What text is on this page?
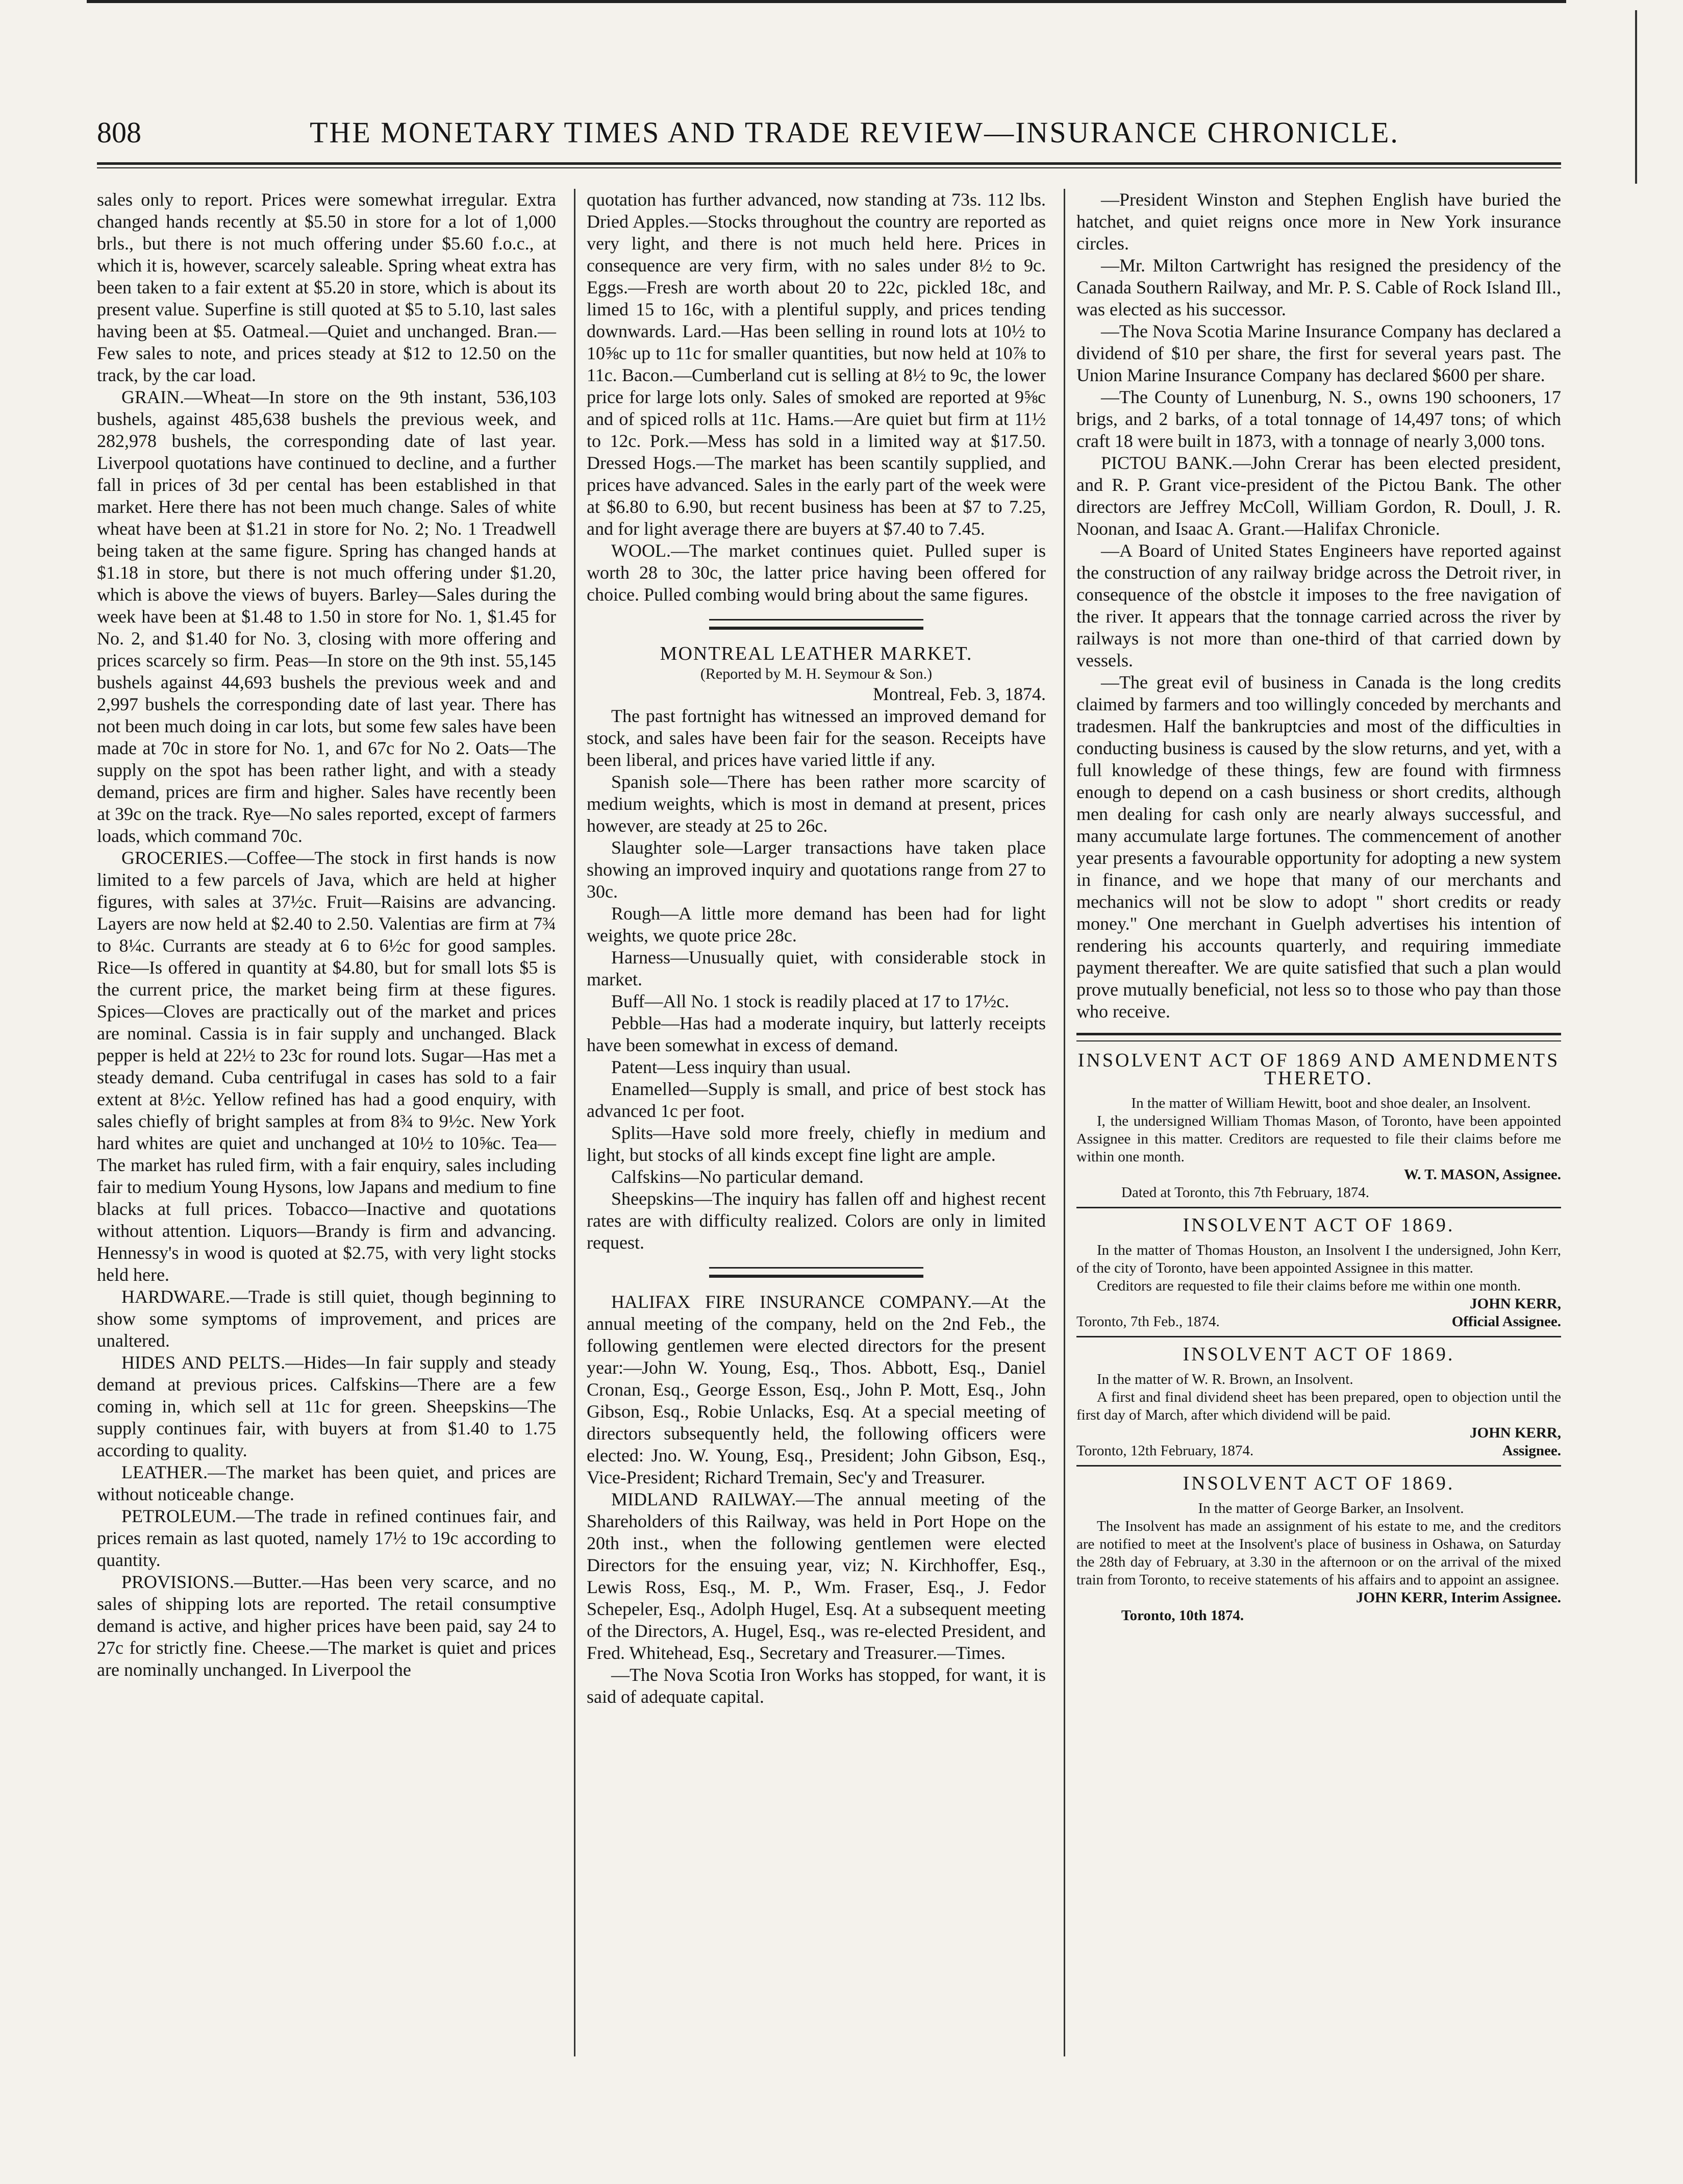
808	THE MONETARY TIMES AND TRADE REVIEW—INSURANCE CHRONICLE.

sales only to report. Prices were somewhat irregular. Extra changed hands recently at $5.50 in store for a lot of 1,000 brls., but there is not much offering under $5.60 f.o.c., at which it is, however, scarcely saleable. Spring wheat extra has been taken to a fair extent at $5.20 in store, which is about its present value. Superfine is still quoted at $5 to 5.10, last sales having been at $5. Oatmeal.—Quiet and unchanged. Bran.—Few sales to note, and prices steady at $12 to 12.50 on the track, by the car load.

GRAIN.—Wheat—In store on the 9th instant, 536,103 bushels, against 485,638 bushels the previous week, and 282,978 bushels, the corresponding date of last year. Liverpool quotations have continued to decline, and a further fall in prices of 3d per cental has been established in that market. Here there has not been much change. Sales of white wheat have been at $1.21 in store for No. 2; No. 1 Treadwell being taken at the same figure. Spring has changed hands at $1.18 in store, but there is not much offering under $1.20, which is above the views of buyers. Barley—Sales during the week have been at $1.48 to 1.50 in store for No. 1, $1.45 for No. 2, and $1.40 for No. 3, closing with more offering and prices scarcely so firm. Peas—In store on the 9th inst. 55,145 bushels against 44,693 bushels the previous week and and 2,997 bushels the corresponding date of last year. There has not been much doing in car lots, but some few sales have been made at 70c in store for No. 1, and 67c for No 2. Oats—The supply on the spot has been rather light, and with a steady demand, prices are firm and higher. Sales have recently been at 39c on the track. Rye—No sales reported, except of farmers loads, which command 70c.

GROCERIES.—Coffee—The stock in first hands is now limited to a few parcels of Java, which are held at higher figures, with sales at 37½c. Fruit—Raisins are advancing. Layers are now held at $2.40 to 2.50. Valentias are firm at 7¾ to 8¼c. Currants are steady at 6 to 6½c for good samples. Rice—Is offered in quantity at $4.80, but for small lots $5 is the current price, the market being firm at these figures. Spices—Cloves are practically out of the market and prices are nominal. Cassia is in fair supply and unchanged. Black pepper is held at 22½ to 23c for round lots. Sugar—Has met a steady demand. Cuba centrifugal in cases has sold to a fair extent at 8½c. Yellow refined has had a good enquiry, with sales chiefly of bright samples at from 8¾ to 9½c. New York hard whites are quiet and unchanged at 10½ to 10⅝c. Tea—The market has ruled firm, with a fair enquiry, sales including fair to medium Young Hysons, low Japans and medium to fine blacks at full prices. Tobacco—Inactive and quotations without attention. Liquors—Brandy is firm and advancing. Hennessy's in wood is quoted at $2.75, with very light stocks held here.

HARDWARE.—Trade is still quiet, though beginning to show some symptoms of improvement, and prices are unaltered.

HIDES AND PELTS.—Hides—In fair supply and steady demand at previous prices. Calfskins—There are a few coming in, which sell at 11c for green. Sheepskins—The supply continues fair, with buyers at from $1.40 to 1.75 according to quality.

LEATHER.—The market has been quiet, and prices are without noticeable change.

PETROLEUM.—The trade in refined continues fair, and prices remain as last quoted, namely 17½ to 19c according to quantity.

PROVISIONS.—Butter.—Has been very scarce, and no sales of shipping lots are reported. The retail consumptive demand is active, and higher prices have been paid, say 24 to 27c for strictly fine. Cheese.—The market is quiet and prices are nominally unchanged. In Liverpool the

quotation has further advanced, now standing at 73s. 112 lbs. Dried Apples.—Stocks throughout the country are reported as very light, and there is not much held here. Prices in consequence are very firm, with no sales under 8½ to 9c. Eggs.—Fresh are worth about 20 to 22c, pickled 18c, and limed 15 to 16c, with a plentiful supply, and prices tending downwards. Lard.—Has been selling in round lots at 10½ to 10⅝c up to 11c for smaller quantities, but now held at 10⅞ to 11c. Bacon.—Cumberland cut is selling at 8½ to 9c, the lower price for large lots only. Sales of smoked are reported at 9⅝c and of spiced rolls at 11c. Hams.—Are quiet but firm at 11½ to 12c. Pork.—Mess has sold in a limited way at $17.50. Dressed Hogs.—The market has been scantily supplied, and prices have advanced. Sales in the early part of the week were at $6.80 to 6.90, but recent business has been at $7 to 7.25, and for light average there are buyers at $7.40 to 7.45.

WOOL.—The market continues quiet. Pulled super is worth 28 to 30c, the latter price having been offered for choice. Pulled combing would bring about the same figures.

MONTREAL LEATHER MARKET.

(Reported by M. H. Seymour & Son.)

Montreal, Feb. 3, 1874.

The past fortnight has witnessed an improved demand for stock, and sales have been fair for the season. Receipts have been liberal, and prices have varied little if any.

Spanish sole—There has been rather more scarcity of medium weights, which is most in demand at present, prices however, are steady at 25 to 26c.

Slaughter sole—Larger transactions have taken place showing an improved inquiry and quotations range from 27 to 30c.

Rough—A little more demand has been had for light weights, we quote price 28c.

Harness—Unusually quiet, with considerable stock in market.

Buff—All No. 1 stock is readily placed at 17 to 17½c.

Pebble—Has had a moderate inquiry, but latterly receipts have been somewhat in excess of demand.

Patent—Less inquiry than usual.

Enamelled—Supply is small, and price of best stock has advanced 1c per foot.

Splits—Have sold more freely, chiefly in medium and light, but stocks of all kinds except fine light are ample.

Calfskins—No particular demand.

Sheepskins—The inquiry has fallen off and highest recent rates are with difficulty realized. Colors are only in limited request.

HALIFAX FIRE INSURANCE COMPANY.—At the annual meeting of the company, held on the 2nd Feb., the following gentlemen were elected directors for the present year:—John W. Young, Esq., Thos. Abbott, Esq., Daniel Cronan, Esq., George Esson, Esq., John P. Mott, Esq., John Gibson, Esq., Robie Unlacks, Esq. At a special meeting of directors subsequently held, the following officers were elected: Jno. W. Young, Esq., President; John Gibson, Esq., Vice-President; Richard Tremain, Sec'y and Treasurer.

MIDLAND RAILWAY.—The annual meeting of the Shareholders of this Railway, was held in Port Hope on the 20th inst., when the following gentlemen were elected Directors for the ensuing year, viz; N. Kirchhoffer, Esq., Lewis Ross, Esq., M. P., Wm. Fraser, Esq., J. Fedor Schepeler, Esq., Adolph Hugel, Esq. At a subsequent meeting of the Directors, A. Hugel, Esq., was re-elected President, and Fred. Whitehead, Esq., Secretary and Treasurer.—Times.

—The Nova Scotia Iron Works has stopped, for want, it is said of adequate capital.

—President Winston and Stephen English have buried the hatchet, and quiet reigns once more in New York insurance circles.

—Mr. Milton Cartwright has resigned the presidency of the Canada Southern Railway, and Mr. P. S. Cable of Rock Island Ill., was elected as his successor.

—The Nova Scotia Marine Insurance Company has declared a dividend of $10 per share, the first for several years past. The Union Marine Insurance Company has declared $600 per share.

—The County of Lunenburg, N. S., owns 190 schooners, 17 brigs, and 2 barks, of a total tonnage of 14,497 tons; of which craft 18 were built in 1873, with a tonnage of nearly 3,000 tons.

PICTOU BANK.—John Crerar has been elected president, and R. P. Grant vice-president of the Pictou Bank. The other directors are Jeffrey McColl, William Gordon, R. Doull, J. R. Noonan, and Isaac A. Grant.—Halifax Chronicle.

—A Board of United States Engineers have reported against the construction of any railway bridge across the Detroit river, in consequence of the obstcle it imposes to the free navigation of the river. It appears that the tonnage carried across the river by railways is not more than one-third of that carried down by vessels.

—The great evil of business in Canada is the long credits claimed by farmers and too willingly conceded by merchants and tradesmen. Half the bankruptcies and most of the difficulties in conducting business is caused by the slow returns, and yet, with a full knowledge of these things, few are found with firmness enough to depend on a cash business or short credits, although men dealing for cash only are nearly always successful, and many accumulate large fortunes. The commencement of another year presents a favourable opportunity for adopting a new system in finance, and we hope that many of our merchants and mechanics will not be slow to adopt " short credits or ready money." One merchant in Guelph advertises his intention of rendering his accounts quarterly, and requiring immediate payment thereafter. We are quite satisfied that such a plan would prove mutually beneficial, not less so to those who pay than those who receive.

INSOLVENT ACT OF 1869 AND AMENDMENTS THERETO.

In the matter of William Hewitt, boot and shoe dealer, an Insolvent.

I, the undersigned William Thomas Mason, of Toronto, have been appointed Assignee in this matter. Creditors are requested to file their claims before me within one month.

W. T. MASON, Assignee.

Dated at Toronto, this 7th February, 1874.

INSOLVENT ACT OF 1869.

In the matter of Thomas Houston, an Insolvent I the undersigned, John Kerr, of the city of Toronto, have been appointed Assignee in this matter.

Creditors are requested to file their claims before me within one month.

JOHN KERR,

Toronto, 7th Feb., 1874.	Official Assignee.

INSOLVENT ACT OF 1869.

In the matter of W. R. Brown, an Insolvent.

A first and final dividend sheet has been prepared, open to objection until the first day of March, after which dividend will be paid.

JOHN KERR,

Toronto, 12th February, 1874.	Assignee.

INSOLVENT ACT OF 1869.

In the matter of George Barker, an Insolvent.

The Insolvent has made an assignment of his estate to me, and the creditors are notified to meet at the Insolvent's place of business in Oshawa, on Saturday the 28th day of February, at 3.30 in the afternoon or on the arrival of the mixed train from Toronto, to receive statements of his affairs and to appoint an assignee.

JOHN KERR, Interim Assignee.

Toronto, 10th 1874.
